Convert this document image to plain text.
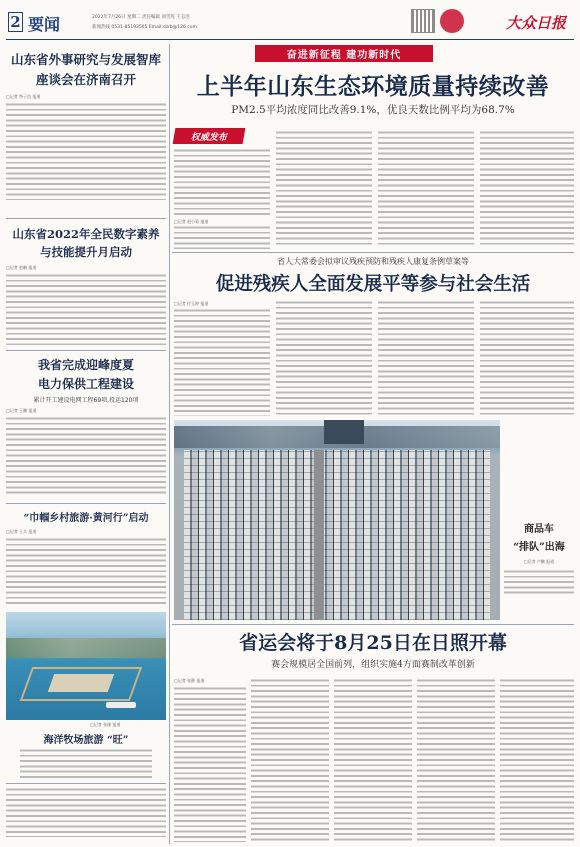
2 要闻	2022年7月26日 星期二 责任编辑 刘雪莲 王志浩
新闻热线 0531-85193505 Email:dzrb@126.com	大众日报
山东省外事研究与发展智库
座谈会在济南召开
□记者 李子浩 报道
山东省2022年全民数字素养
与技能提升月启动
□记者 赵琳 报道
我省完成迎峰度夏
电力保供工程建设
累计开工建设电网工程69项,投运120项
□记者 王鹏 报道
“巾帼乡村旅游·黄河行”启动
□记者 王兵 报道
□记者 张刚 报道
海洋牧场旅游 “旺”
奋进新征程 建功新时代
上半年山东生态环境质量持续改善
PM2.5平均浓度同比改善9.1%，优良天数比例平均为68.7%
权威发布
□记者 赵小菊 报道
省人大常委会拟审议残疾预防和残疾人康复条例草案等
促进残疾人全面发展平等参与社会生活
□记者 付玉婷 报道
商品车
“排队”出海
□记者 卢鹏 报道
省运会将于8月25日在日照开幕
赛会规模居全国前列，组织实施4方面赛制改革创新
□记者 张静 报道
